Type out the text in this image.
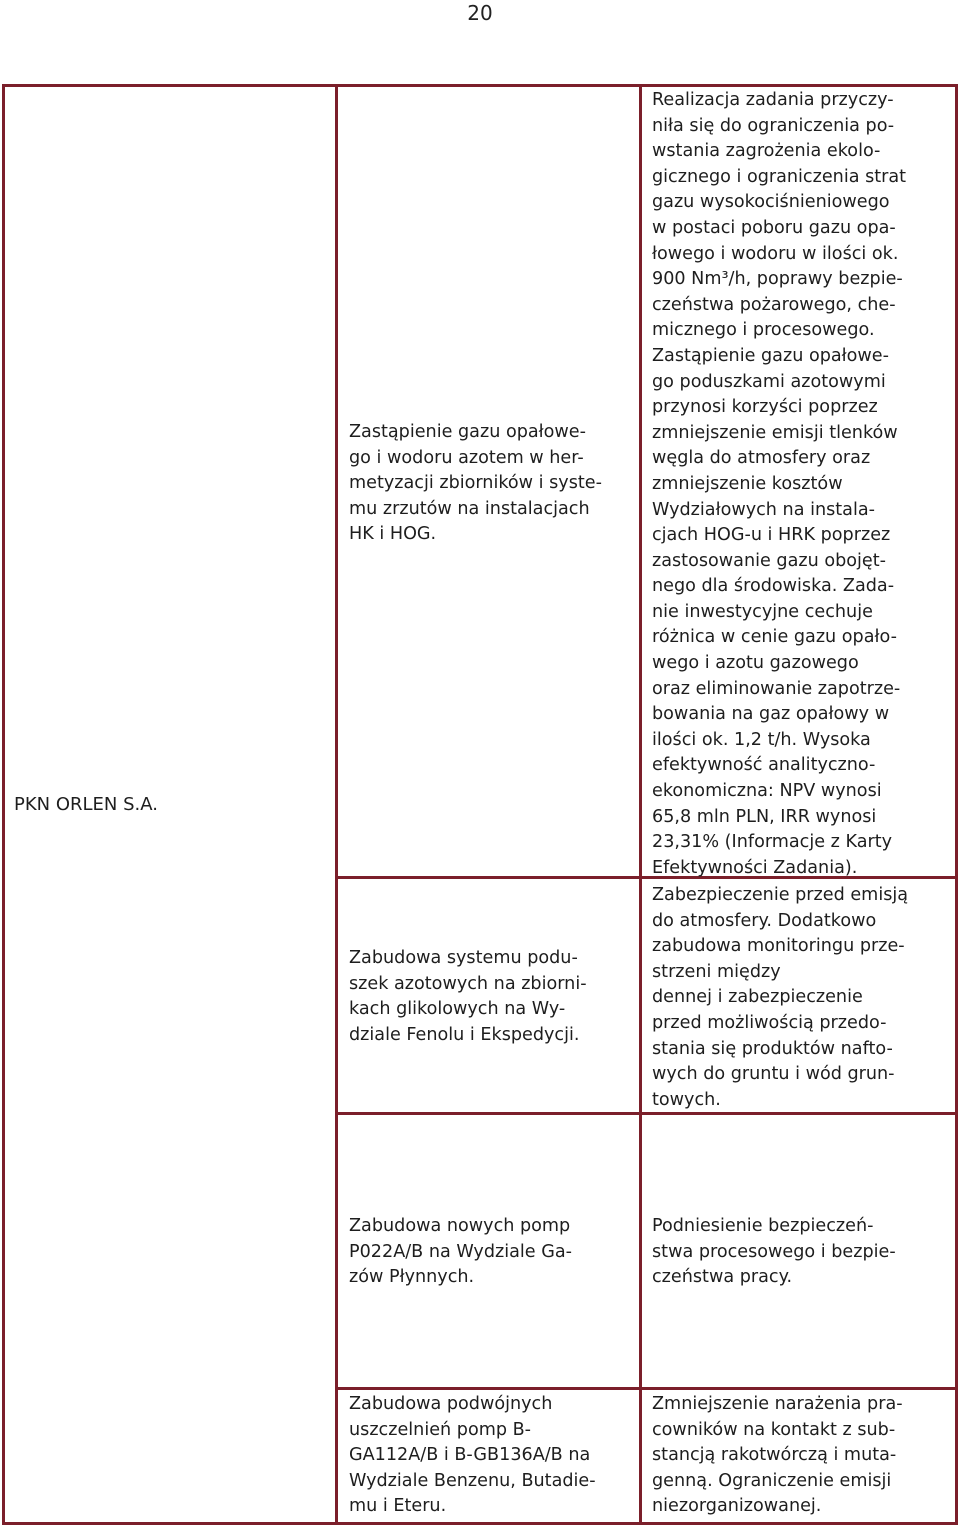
20
PKN ORLEN S.A.
Zastąpienie gazu opałowe-
go i wodoru azotem w her-
metyzacji zbiorników i syste-
mu zrzutów na instalacjach
HK i HOG.
Realizacja zadania przyczy-
niła się do ograniczenia po-
wstania zagrożenia ekolo-
gicznego i ograniczenia strat
gazu wysokociśnieniowego
w postaci poboru gazu opa-
łowego i wodoru w ilości ok.
900 Nm³/h, poprawy bezpie-
czeństwa pożarowego, che-
micznego i procesowego.
Zastąpienie gazu opałowe-
go poduszkami azotowymi
przynosi korzyści poprzez
zmniejszenie emisji tlenków
węgla do atmosfery oraz
zmniejszenie kosztów
Wydziałowych na instala-
cjach HOG-u i HRK poprzez
zastosowanie gazu obojęt-
nego dla środowiska. Zada-
nie inwestycyjne cechuje
różnica w cenie gazu opało-
wego i azotu gazowego
oraz eliminowanie zapotrze-
bowania na gaz opałowy w
ilości ok. 1,2 t/h. Wysoka
efektywność analityczno-
ekonomiczna: NPV wynosi
65,8 mln PLN, IRR wynosi
23,31% (Informacje z Karty
Efektywności Zadania).
Zabudowa systemu podu-
szek azotowych na zbiorni-
kach glikolowych na Wy-
dziale Fenolu i Ekspedycji.
Zabezpieczenie przed emisją
do atmosfery. Dodatkowo
zabudowa monitoringu prze-
strzeni między
dennej i zabezpieczenie
przed możliwością przedo-
stania się produktów nafto-
wych do gruntu i wód grun-
towych.
Zabudowa nowych pomp
P022A/B na Wydziale Ga-
zów Płynnych.
Podniesienie bezpieczeń-
stwa procesowego i bezpie-
czeństwa pracy.
Zabudowa podwójnych
uszczelnień pomp B-
GA112A/B i B-GB136A/B na
Wydziale Benzenu, Butadie-
mu i Eteru.
Zmniejszenie narażenia pra-
cowników na kontakt z sub-
stancją rakotwórczą i muta-
genną. Ograniczenie emisji
niezorganizowanej.
